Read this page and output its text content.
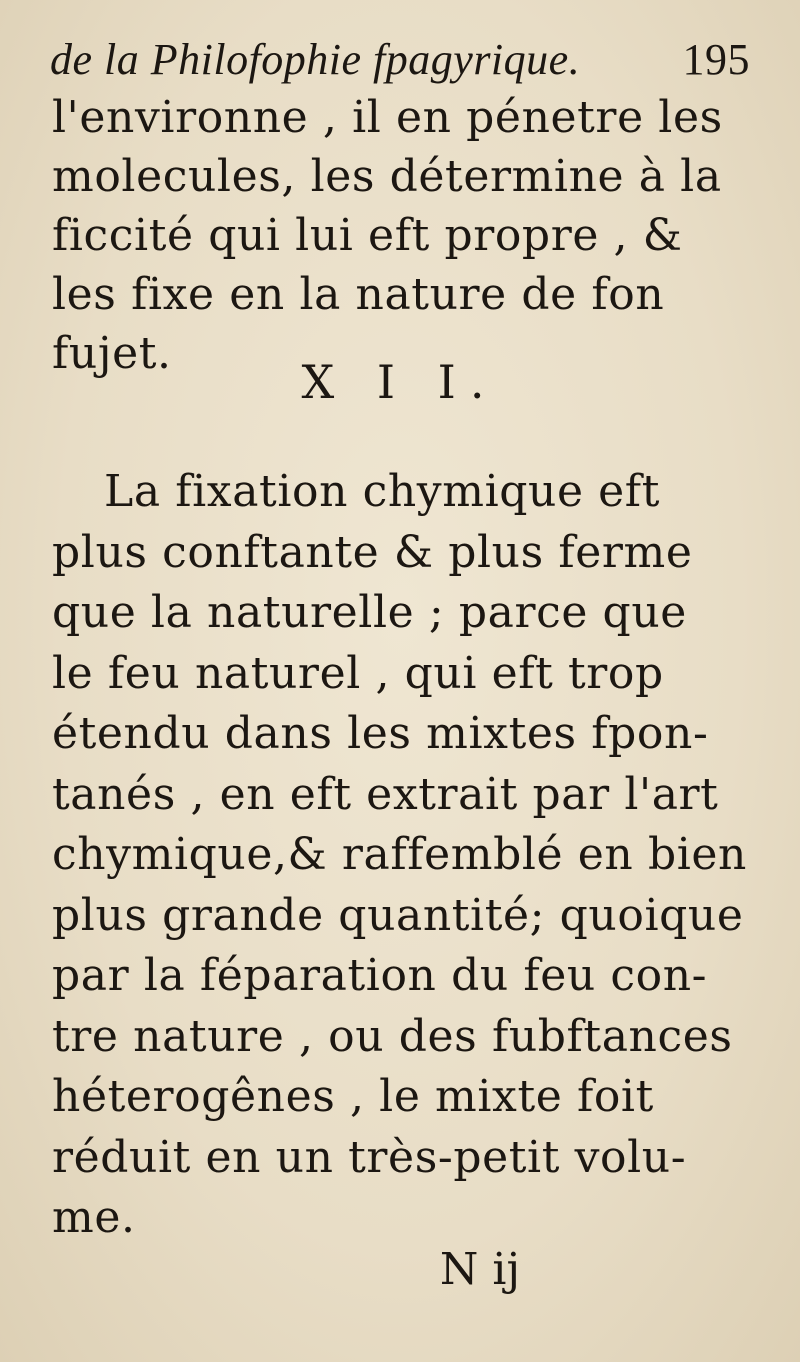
de la Philofophie fpagyrique. 195
l'environne , il en pénetre les
molecules, les détermine à la
ficcité qui lui eft propre , &
les fixe en la nature de fon
fujet.
X I I.
La fixation chymique eft
plus conftante & plus ferme
que la naturelle ; parce que
le feu naturel , qui eft trop
étendu dans les mixtes fpon-
tanés , en eft extrait par l'art
chymique,& raffemblé en bien
plus grande quantité; quoique
par la féparation du feu con-
tre nature , ou des fubftances
héterogênes , le mixte foit
réduit en un très-petit volu-
me.
N ij
